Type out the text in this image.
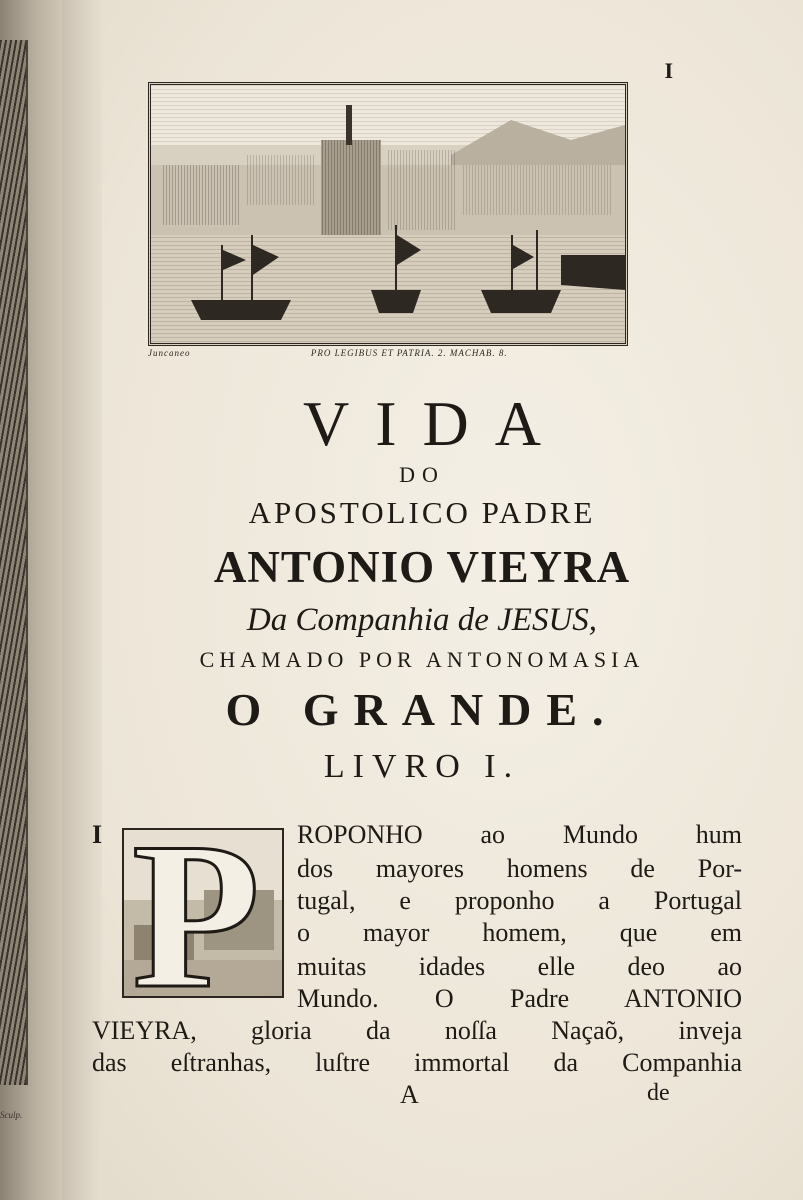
Sculp.
I
Juncaneo	PRO LEGIBUS ET PATRIA. 2. MACHAB. 8.
VIDA
DO
APOSTOLICO PADRE
ANTONIO VIEYRA
Da Companhia de JESUS,
CHAMADO POR ANTONOMASIA
O GRANDE.
LIVRO I.
I P ROPONHO ao Mundo hum
dos mayores homens de Por-
tugal, e proponho a Portugal
o mayor homem, que em
muitas idades elle deo ao
Mundo. O Padre ANTONIO
VIEYRA, gloria da noſſa Naçaõ, inveja
das eſtranhas, luſtre immortal da Companhia
A	de
